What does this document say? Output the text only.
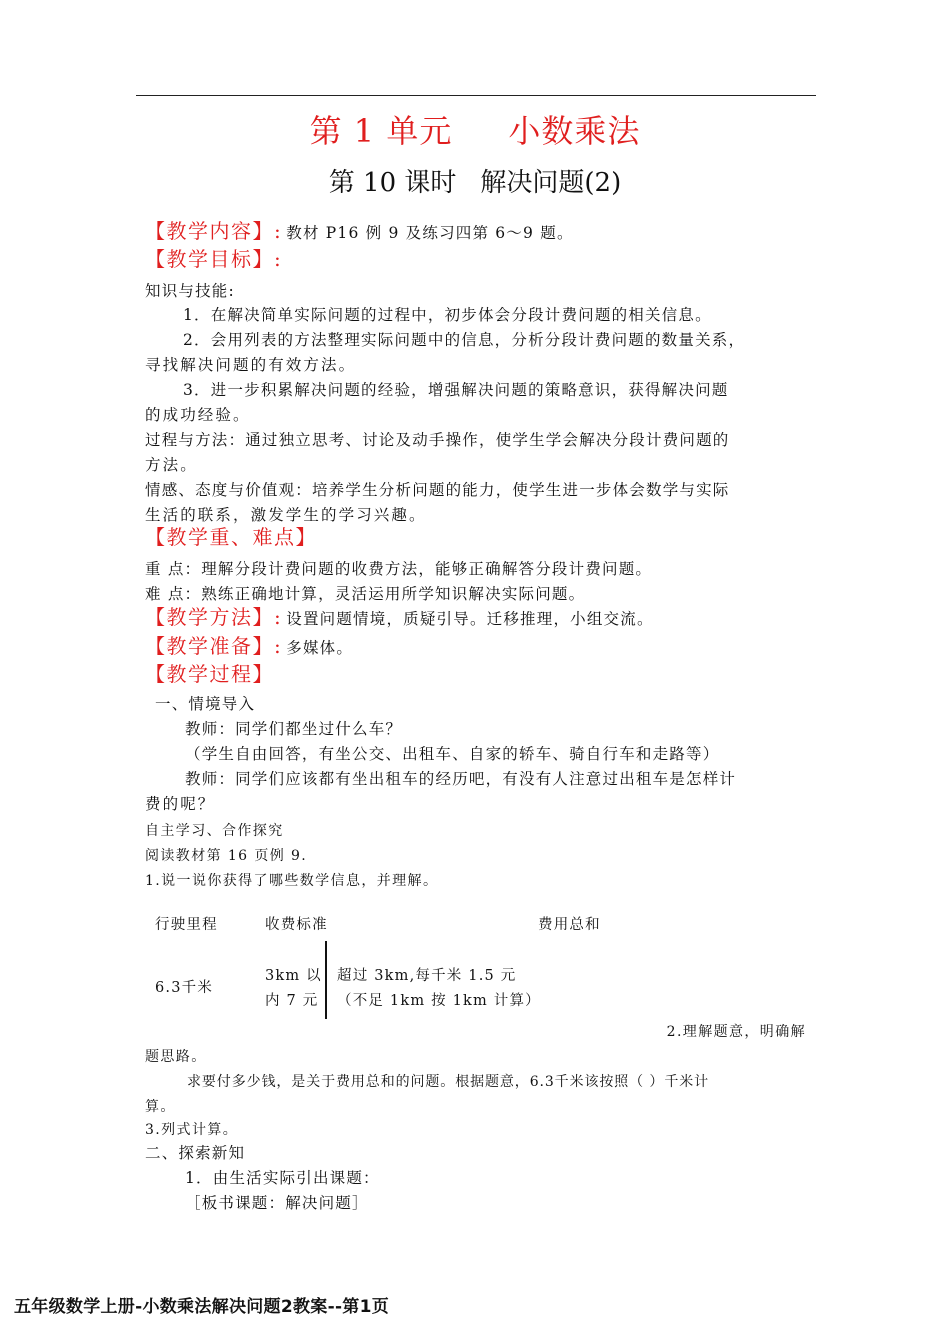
第 1 单元 小数乘法
第 10 课时 解决问题(2)
【教学内容】: 教材 P16 例 9 及练习四第 6～9 题。
【教学目标】:
知识与技能:
1．在解决简单实际问题的过程中，初步体会分段计费问题的相关信息。
2．会用列表的方法整理实际问题中的信息，分析分段计费问题的数量关系，
寻找解决问题的有效方法。
3．进一步积累解决问题的经验，增强解决问题的策略意识，获得解决问题
的成功经验。
过程与方法：通过独立思考、讨论及动手操作，使学生学会解决分段计费问题的
方法。
情感、态度与价值观：培养学生分析问题的能力，使学生进一步体会数学与实际
生活的联系，激发学生的学习兴趣。
【教学重、难点】
重 点：理解分段计费问题的收费方法，能够正确解答分段计费问题。
难 点：熟练正确地计算，灵活运用所学知识解决实际问题。
【教学方法】: 设置问题情境，质疑引导。迁移推理，小组交流。
【教学准备】: 多媒体。
【教学过程】
一、情境导入
教师：同学们都坐过什么车？
（学生自由回答，有坐公交、出租车、自家的轿车、骑自行车和走路等）
教师：同学们应该都有坐出租车的经历吧，有没有人注意过出租车是怎样计
费的呢？
自主学习、合作探究
阅读教材第 16 页例 9.
1.说一说你获得了哪些数学信息，并理解。
行驶里程	收费标准	费用总和
6.3千米
3km 以
内 7 元
超过 3km,每千米 1.5 元
（不足 1km 按 1km 计算）
2.理解题意，明确解
题思路。
求要付多少钱，是关于费用总和的问题。根据题意，6.3千米该按照（ ）千米计
算。
3.列式计算。
二、探索新知
1．由生活实际引出课题：
［板书课题：解决问题］
五年级数学上册-小数乘法解决问题2教案--第1页
